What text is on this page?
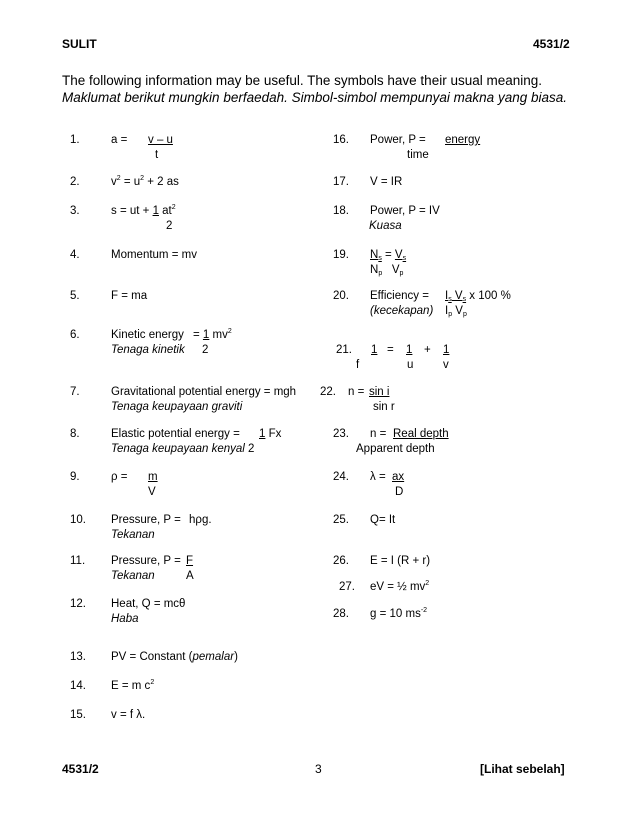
SULIT	4531/2
The following information may be useful. The symbols have their usual meaning.
Maklumat berikut mungkin berfaedah. Simbol-simbol mempunyai makna yang biasa.
1.	a = v – u
t
2.	$v^2 = u^2 + 2$ as
3.	s = ut + 1 $at^2$
2
4.	Momentum = mv
5.	F = ma
6.	Kinetic energy = 1 $mv^2$
Tenaga kinetik 2
7.	Gravitational potential energy = mgh
Tenaga keupayaan graviti
8.	Elastic potential energy = 1 Fx
Tenaga keupayaan kenyal 2
9.	ρ = m
V
10. Pressure, P = hρg.
Tekanan
11. Pressure, P = F
Tekanan	A
12. Heat, Q = mcθ
Haba
13. PV = Constant (pemalar)
14. E = m $c^2$
15. v = f λ.
16. Power, P = energy
time
17. V = IR
18. Power, P = IV
Kuasa
19. $N_s = V_s$
$N_p$ $V_p$
20. Efficiency =
(kecekapan)
$I_s$ $V_s$ x 100 %
$I_p$ $V_p$
21. 1 = 1 + 1
f	u	v
22. n = sin i
sin r
23. n = Real depth
Apparent depth
24. λ = ax
D
25. Q= It
26. E = I (R + r)
27. eV = ½ $mv^2$
28. g = 10 $ms^{-2}$
4531/2	3	[Lihat sebelah]
